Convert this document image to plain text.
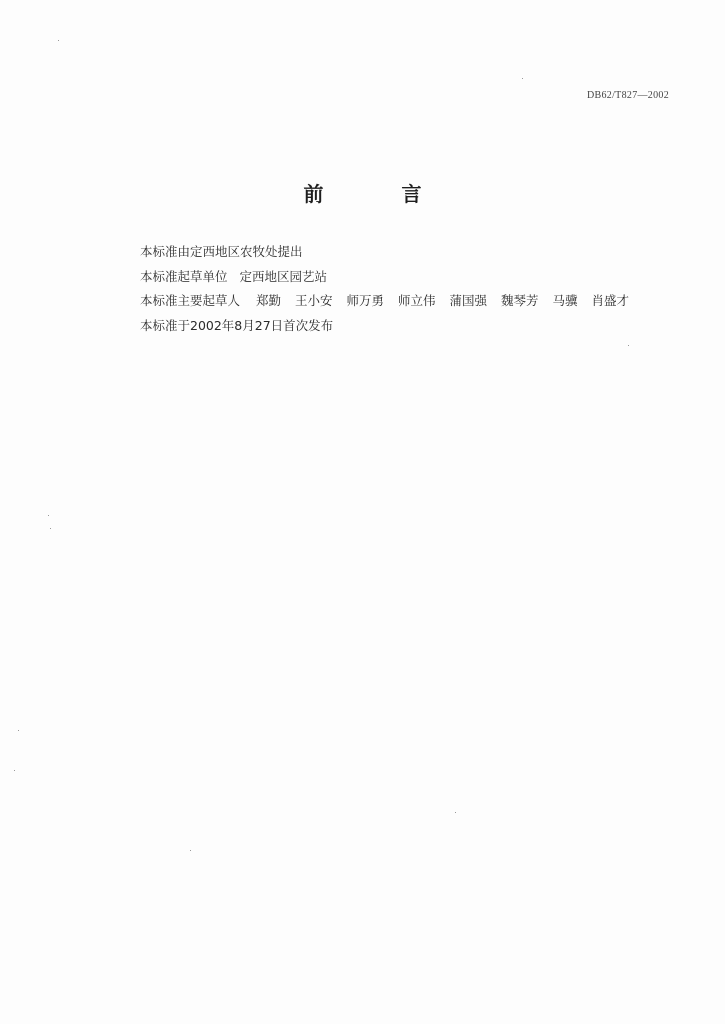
DB62/T827—2002
前	言
本标准由定西地区农牧处提出
本标准起草单位 定西地区园艺站
本标准主要起草人 郑勤 王小安 师万勇 师立伟 蒲国强 魏琴芳 马骥 肖盛才
本标准于2002年8月27日首次发布
